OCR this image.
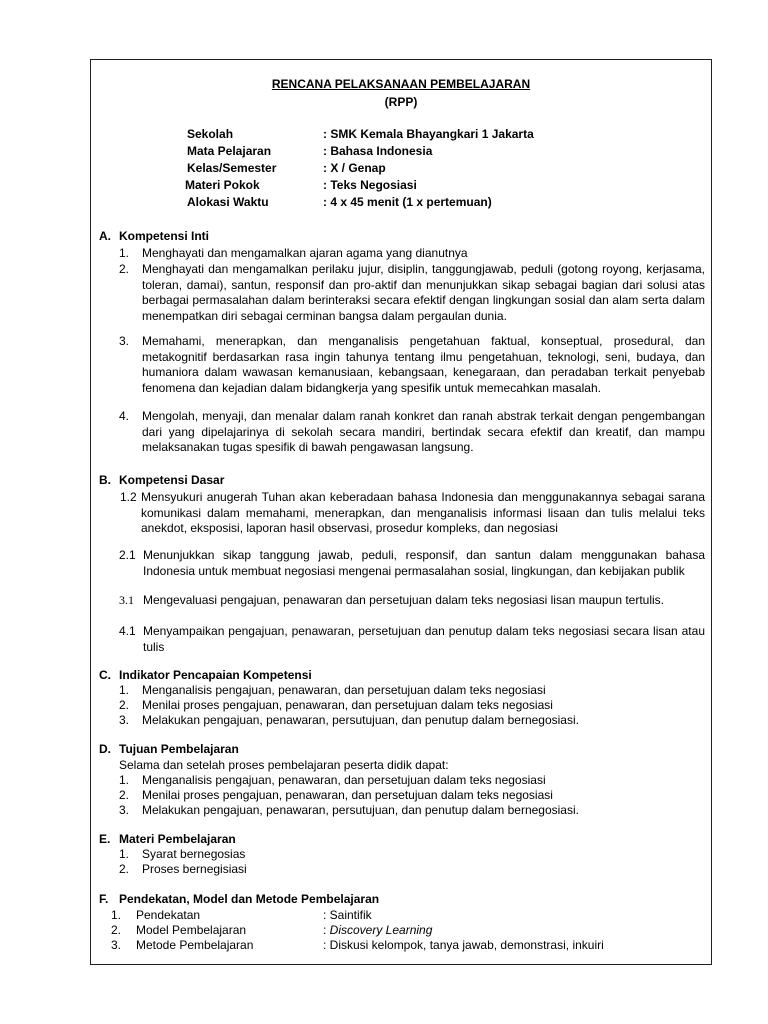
RENCANA PELAKSANAAN PEMBELAJARAN
(RPP)
Sekolah	: SMK Kemala Bhayangkari 1 Jakarta
Mata Pelajaran	: Bahasa Indonesia
Kelas/Semester	: X / Genap
Materi Pokok	: Teks Negosiasi
Alokasi Waktu	: 4 x 45 menit (1 x pertemuan)
A. Kompetensi Inti
1. Menghayati dan mengamalkan ajaran agama yang dianutnya
2. Menghayati dan mengamalkan perilaku jujur, disiplin, tanggungjawab, peduli (gotong royong, kerjasama, toleran, damai), santun, responsif dan pro-aktif dan menunjukkan sikap sebagai bagian dari solusi atas berbagai permasalahan dalam berinteraksi secara efektif dengan lingkungan sosial dan alam serta dalam menempatkan diri sebagai cerminan bangsa dalam pergaulan dunia.
3. Memahami, menerapkan, dan menganalisis pengetahuan faktual, konseptual, prosedural, dan metakognitif berdasarkan rasa ingin tahunya tentang ilmu pengetahuan, teknologi, seni, budaya, dan humaniora dalam wawasan kemanusiaan, kebangsaan, kenegaraan, dan peradaban terkait penyebab fenomena dan kejadian dalam bidangkerja yang spesifik untuk memecahkan masalah.
4. Mengolah, menyaji, dan menalar dalam ranah konkret dan ranah abstrak terkait dengan pengembangan dari yang dipelajarinya di sekolah secara mandiri, bertindak secara efektif dan kreatif, dan mampu melaksanakan tugas spesifik di bawah pengawasan langsung.
B. Kompetensi Dasar
1.2 Mensyukuri anugerah Tuhan akan keberadaan bahasa Indonesia dan menggunakannya sebagai sarana komunikasi dalam memahami, menerapkan, dan menganalisis informasi lisaan dan tulis melalui teks anekdot, eksposisi, laporan hasil observasi, prosedur kompleks, dan negosiasi
2.1 Menunjukkan sikap tanggung jawab, peduli, responsif, dan santun dalam menggunakan bahasa Indonesia untuk membuat negosiasi mengenai permasalahan sosial, lingkungan, dan kebijakan publik
3.1 Mengevaluasi pengajuan, penawaran dan persetujuan dalam teks negosiasi lisan maupun tertulis.
4.1 Menyampaikan pengajuan, penawaran, persetujuan dan penutup dalam teks negosiasi secara lisan atau tulis
C. Indikator Pencapaian Kompetensi
1. Menganalisis pengajuan, penawaran, dan persetujuan dalam teks negosiasi
2. Menilai proses pengajuan, penawaran, dan persetujuan dalam teks negosiasi
3. Melakukan pengajuan, penawaran, persutujuan, dan penutup dalam bernegosiasi.
D. Tujuan Pembelajaran
Selama dan setelah proses pembelajaran peserta didik dapat:
1. Menganalisis pengajuan, penawaran, dan persetujuan dalam teks negosiasi
2. Menilai proses pengajuan, penawaran, dan persetujuan dalam teks negosiasi
3. Melakukan pengajuan, penawaran, persutujuan, dan penutup dalam bernegosiasi.
E. Materi Pembelajaran
1. Syarat bernegosias
2. Proses bernegisiasi
F. Pendekatan, Model dan Metode Pembelajaran
1. Pendekatan	: Saintifik
2. Model Pembelajaran	: Discovery Learning
3. Metode Pembelajaran	: Diskusi kelompok, tanya jawab, demonstrasi, inkuiri
